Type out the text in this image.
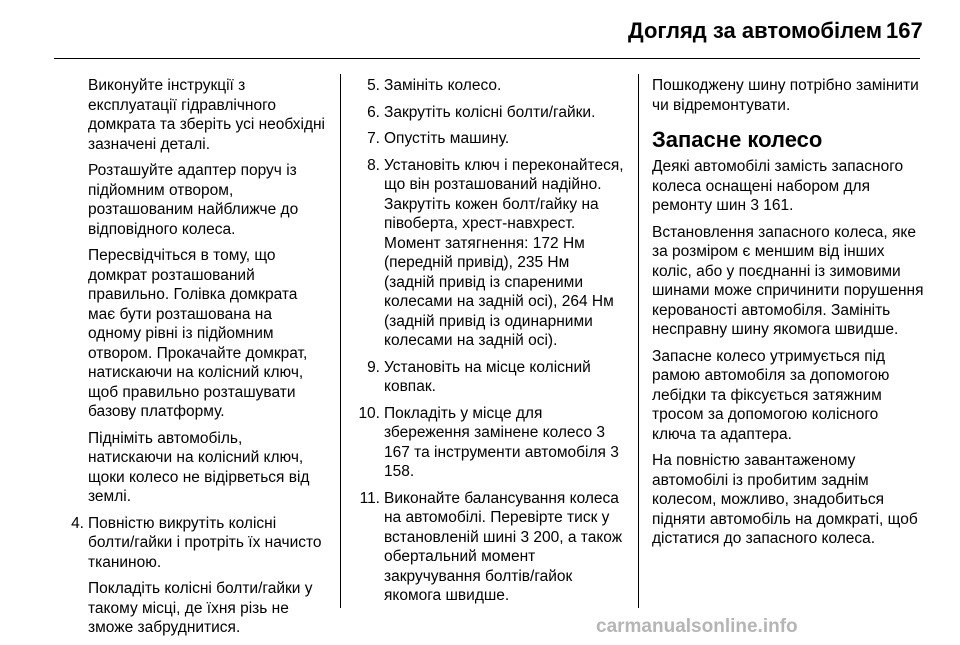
Догляд за автомобілем 167

Виконуйте інструкції з експлуатації гідравлічного домкрата та зберіть усі необхідні зазначені деталі.

Розташуйте адаптер поруч із підйомним отвором, розташованим найближче до відповідного колеса.

Пересвідчіться в тому, що домкрат розташований правильно. Голівка домкрата має бути розташована на одному рівні із підйомним отвором. Прокачайте домкрат, натискаючи на колісний ключ, щоб правильно розташувати базову платформу.

Підніміть автомобіль, натискаючи на колісний ключ, щоки колесо не відірветься від землі.

4. Повністю викрутіть колісні болти/гайки і протріть їх начисто тканиною.

Покладіть колісні болти/гайки у такому місці, де їхня різь не зможе забруднитися.

5. Замініть колесо.
6. Закрутіть колісні болти/гайки.
7. Опустіть машину.
8. Установіть ключ і переконайтеся, що він розташований надійно. Закрутіть кожен болт/гайку на півоберта, хрест-навхрест. Момент затягнення: 172 Нм (передній привід), 235 Нм (задній привід із спареними колесами на задній осі), 264 Нм (задній привід із одинарними колесами на задній осі).
9. Установіть на місце колісний ковпак.
10. Покладіть у місце для збереження замінене колесо 3 167 та інструменти автомобіля 3 158.
11. Виконайте балансування колеса на автомобілі. Перевірте тиск у встановленій шині 3 200, а також обертальний момент закручування болтів/гайок якомога швидше.

Пошкоджену шину потрібно замінити чи відремонтувати.

Запасне колесо

Деякі автомобілі замість запасного колеса оснащені набором для ремонту шин 3 161.

Встановлення запасного колеса, яке за розміром є меншим від інших коліс, або у поєднанні із зимовими шинами може спричинити порушення керованості автомобіля. Замініть несправну шину якомога швидше.

Запасне колесо утримується під рамою автомобіля за допомогою лебідки та фіксується затяжним тросом за допомогою колісного ключа та адаптера.

На повністю завантаженому автомобілі із пробитим заднім колесом, можливо, знадобиться підняти автомобіль на домкраті, щоб дістатися до запасного колеса.

carmanualsonline.info
